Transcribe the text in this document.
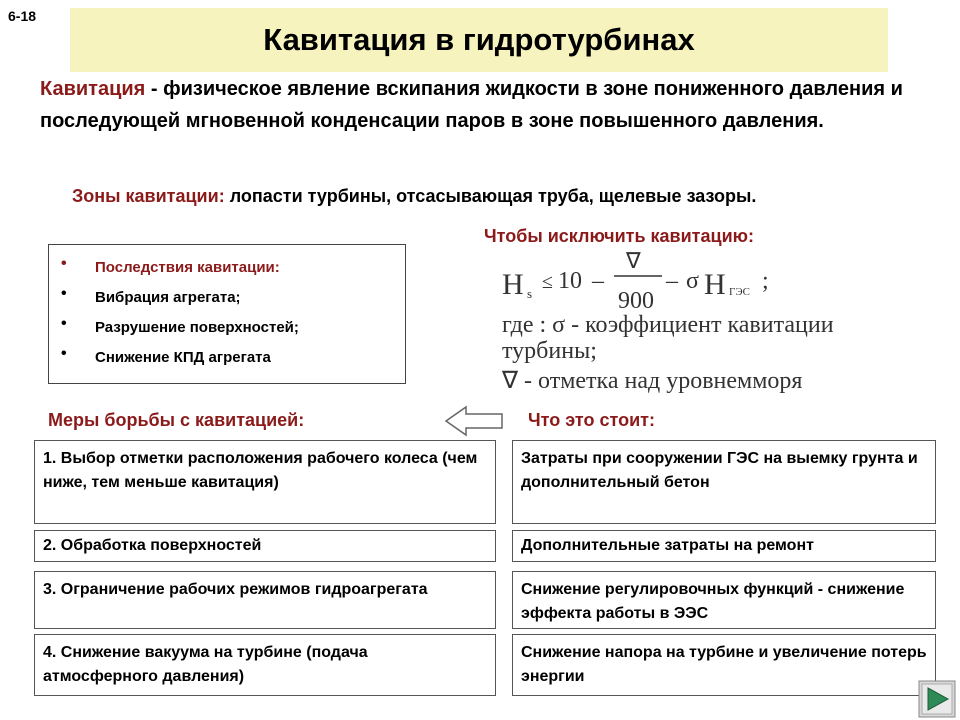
6-18
Кавитация в гидротурбинах
Кавитация - физическое явление вскипания жидкости в зоне пониженного давления и последующей мгновенной конденсации паров в зоне повышенного давления.
Зоны кавитации: лопасти турбины, отсасывающая труба, щелевые зазоры.
Чтобы исключить кавитацию:
• Последствия кавитации:
• Вибрация агрегата;
• Разрушение поверхностей;
• Снижение КПД агрегата
H s
≤ 10 –
∇
900
– σ H ГЭС ;
где : σ - коэффициент кавитации
турбины;
∇ - отметка над уровнемморя
Меры борьбы с кавитацией:	Что это стоит:
1. Выбор отметки расположения рабочего колеса (чем ниже, тем меньше кавитация)
2. Обработка поверхностей
3. Ограничение рабочих режимов гидроагрегата
4. Снижение вакуума на турбине (подача атмосферного давления)
Затраты при сооружении ГЭС на выемку грунта и дополнительный бетон
Дополнительные затраты на ремонт
Снижение регулировочных функций - снижение эффекта работы в ЭЭС
Снижение напора на турбине и увеличение потерь энергии
